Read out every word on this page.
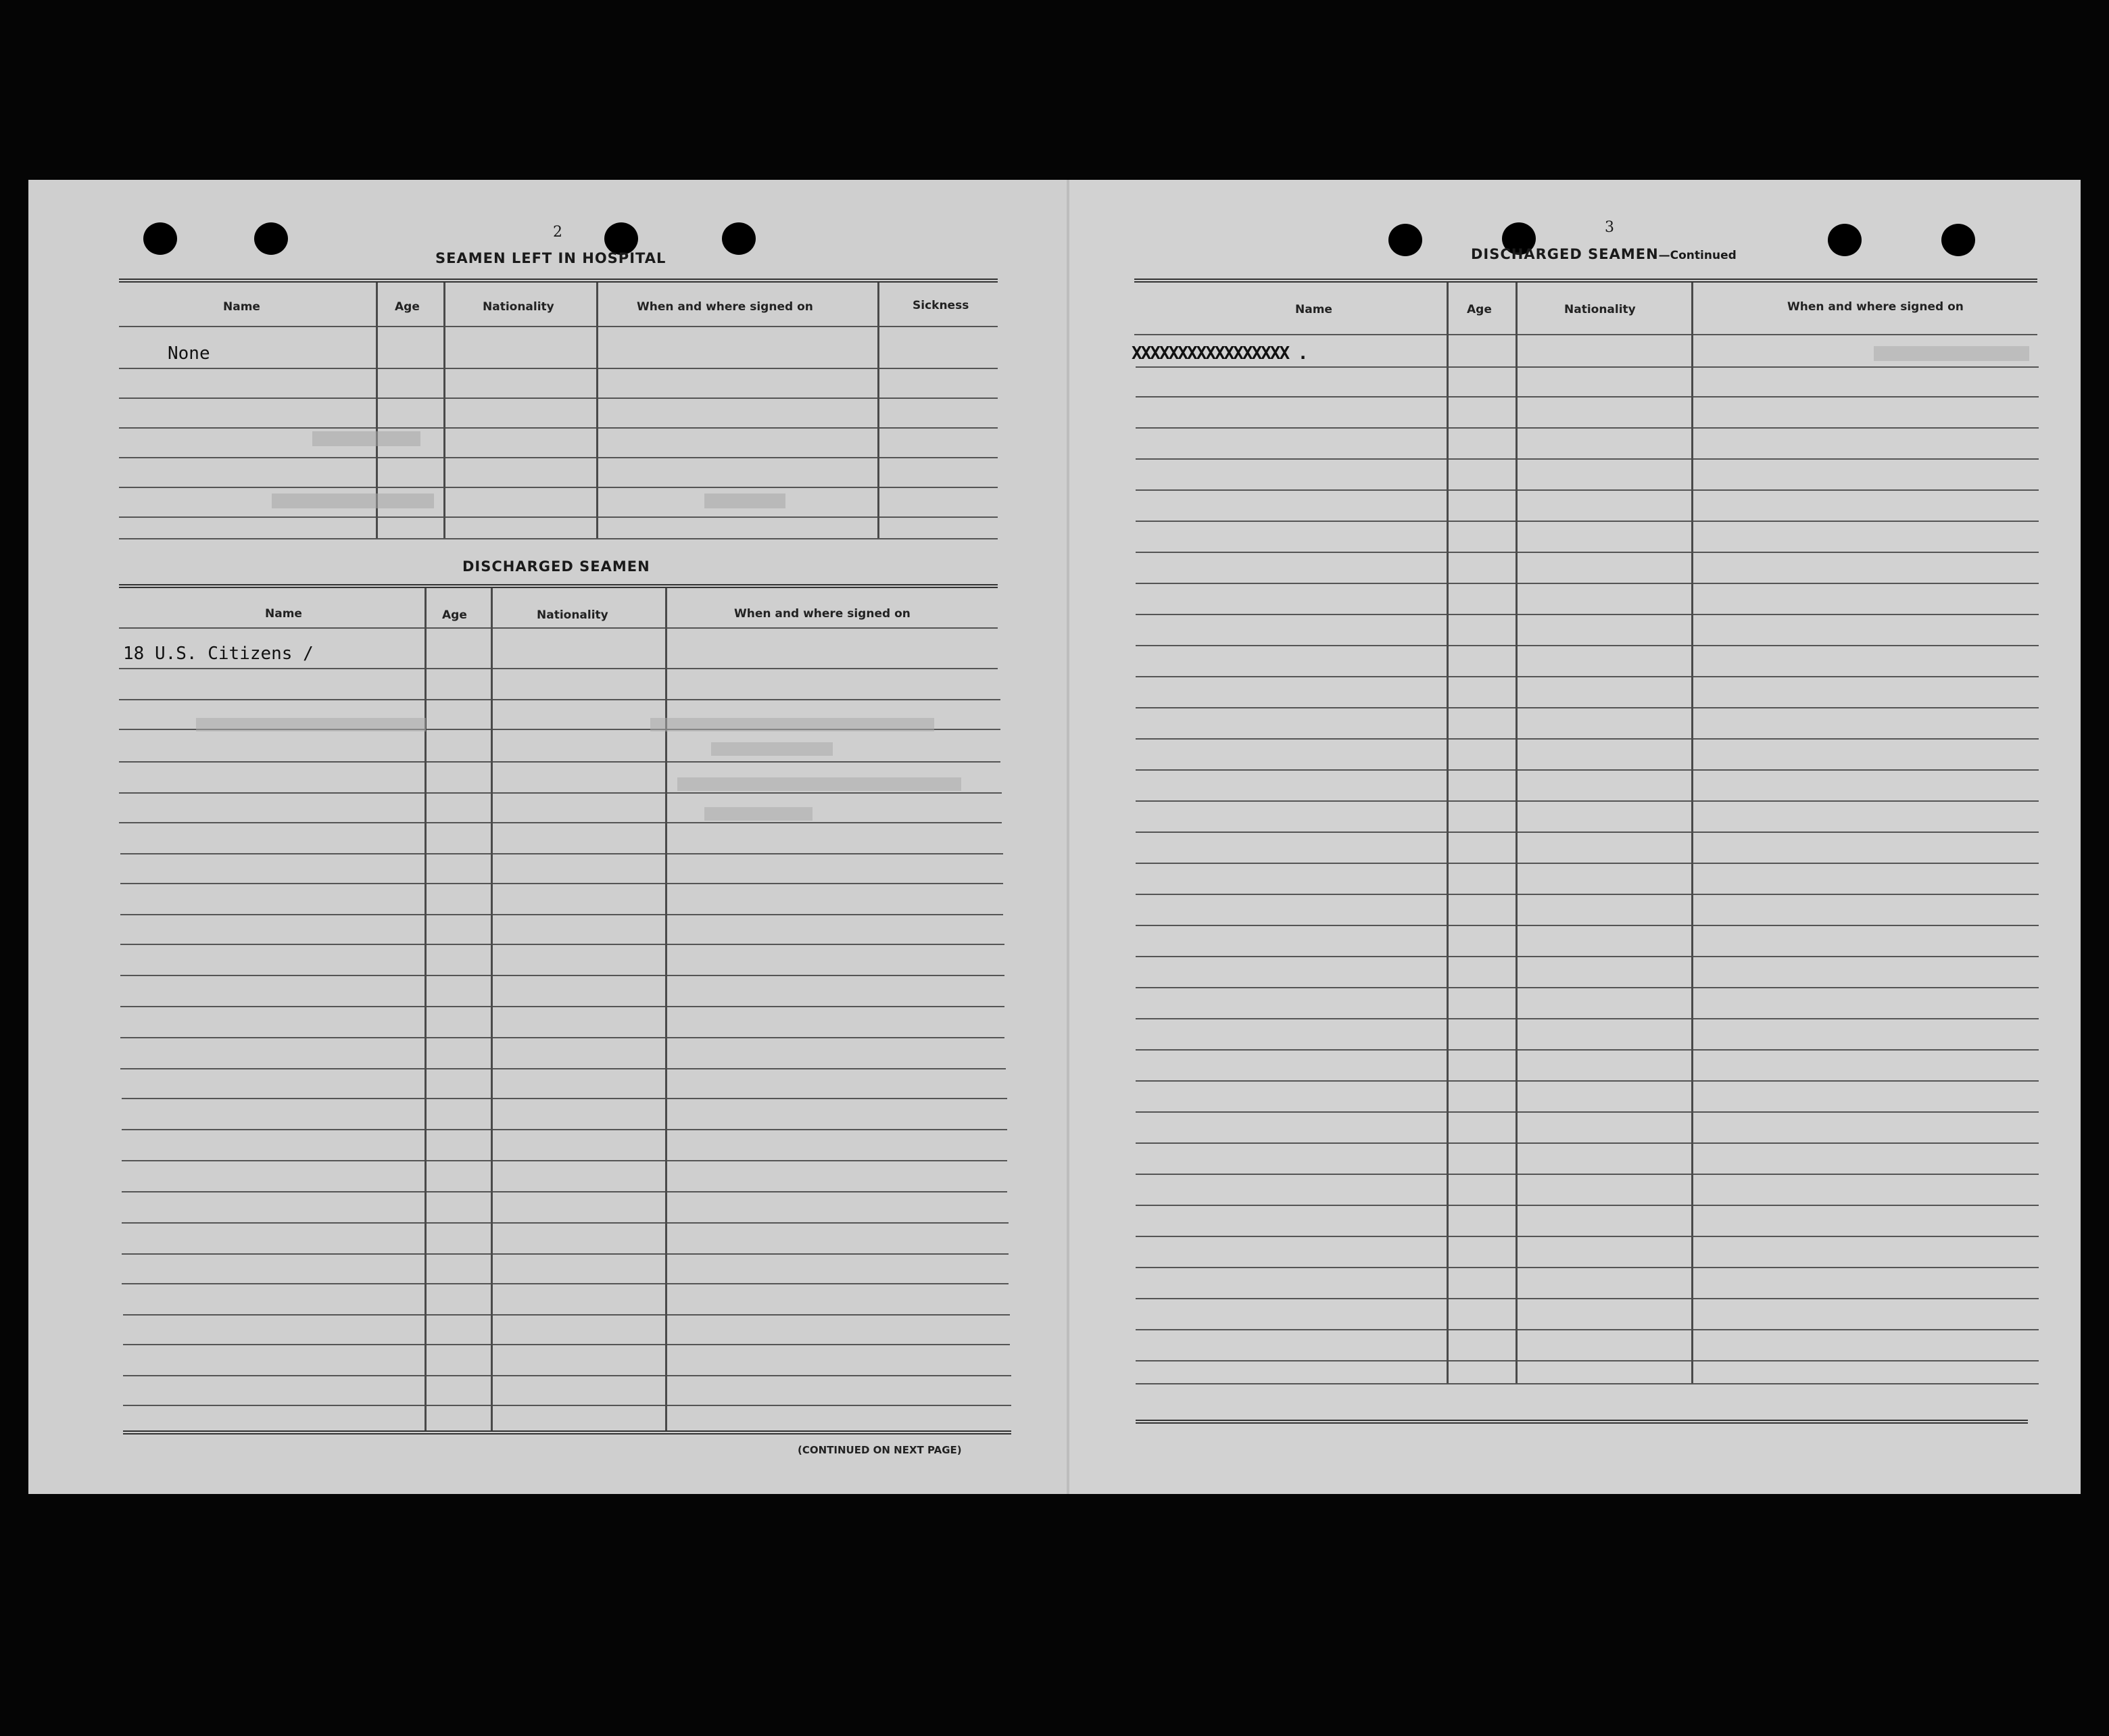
2
SEAMEN LEFT IN HOSPITAL
Name	Age	Nationality	When and where signed on	Sickness
None
DISCHARGED SEAMEN
Name	Age	Nationality	When and where signed on
18 U.S. Citizens /
(CONTINUED ON NEXT PAGE)
3
DISCHARGED SEAMEN—Continued
Name	Age	Nationality	When and where signed on
XXXXXXXXXXXXXXXXX .
